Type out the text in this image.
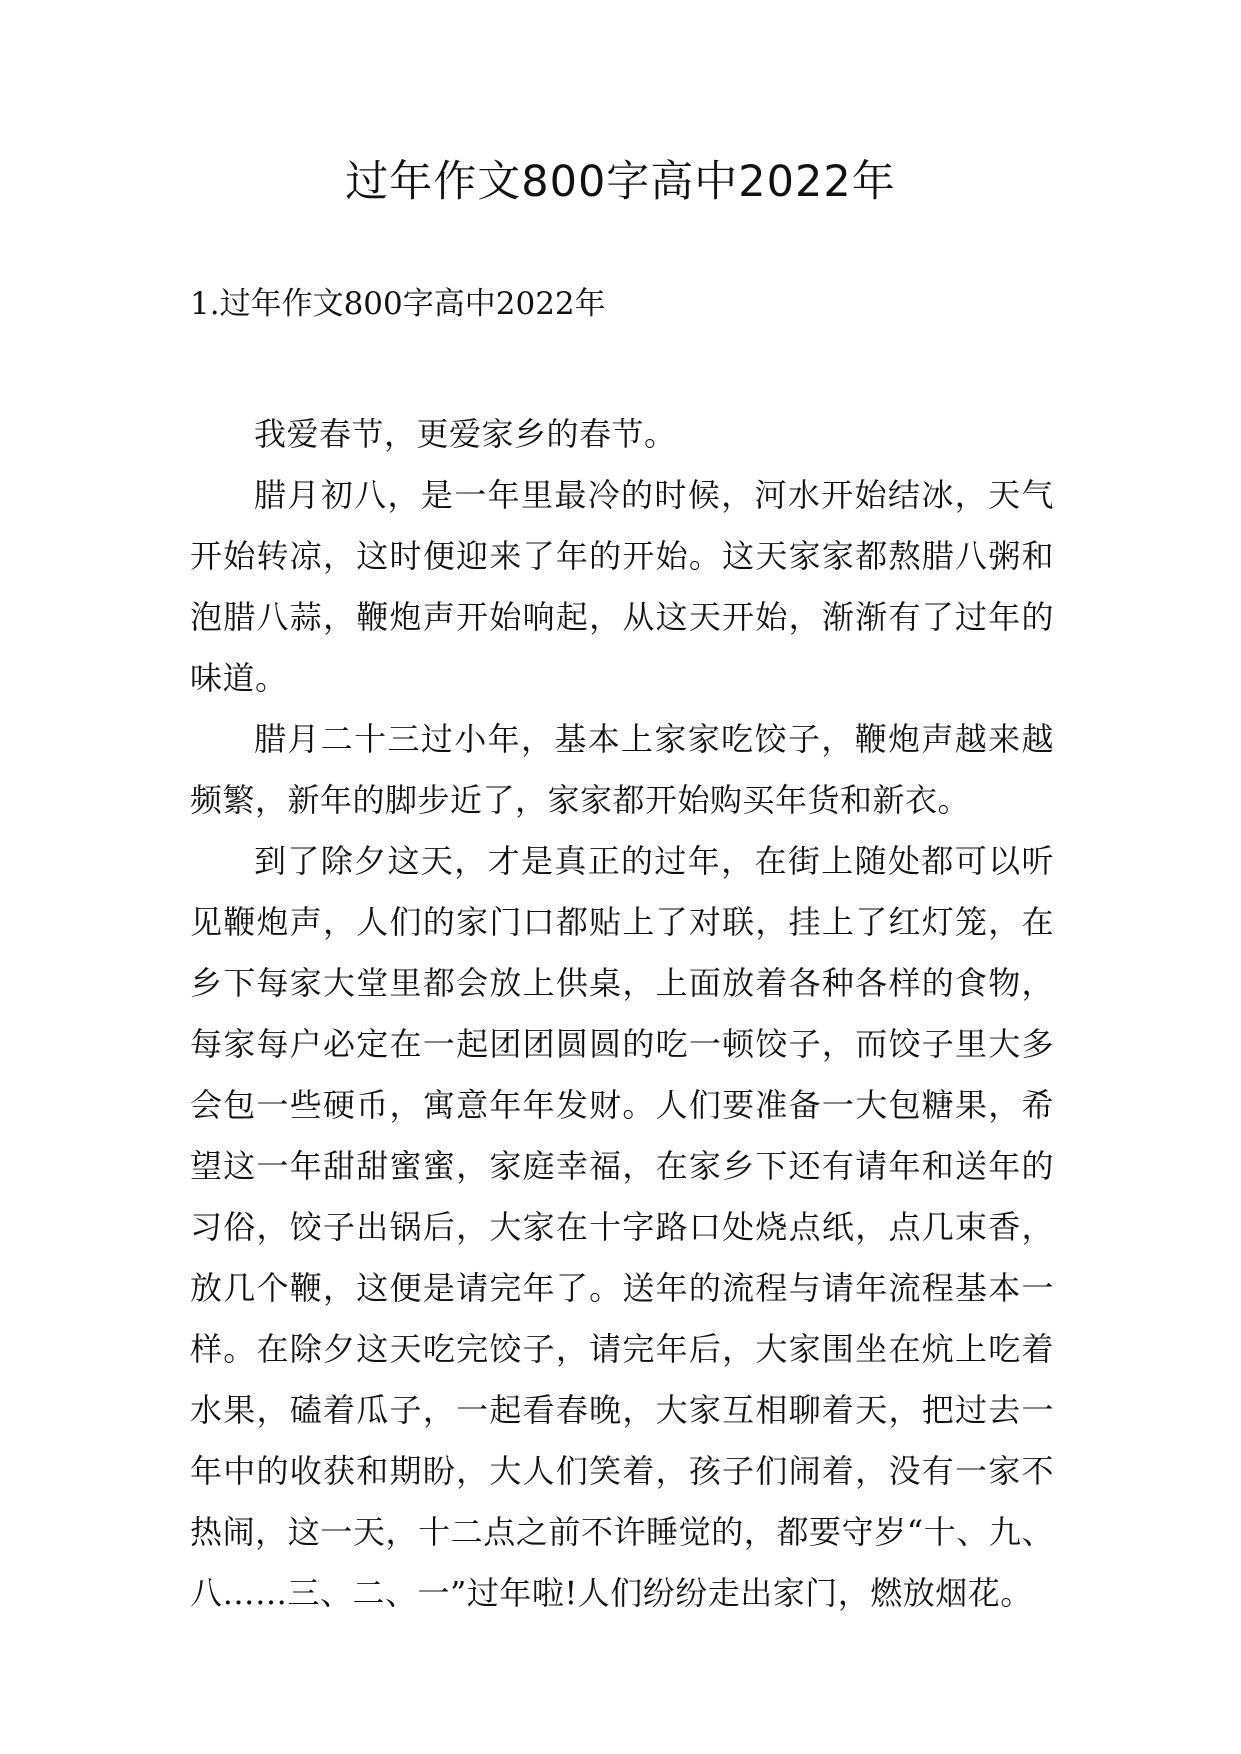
过年作文800字高中2022年
1.过年作文800字高中2022年

我爱春节，更爱家乡的春节。

腊月初八，是一年里最冷的时候，河水开始结冰，天气开始转凉，这时便迎来了年的开始。这天家家都熬腊八粥和泡腊八蒜，鞭炮声开始响起，从这天开始，渐渐有了过年的味道。

腊月二十三过小年，基本上家家吃饺子，鞭炮声越来越频繁，新年的脚步近了，家家都开始购买年货和新衣。

到了除夕这天，才是真正的过年，在街上随处都可以听见鞭炮声，人们的家门口都贴上了对联，挂上了红灯笼，在乡下每家大堂里都会放上供桌，上面放着各种各样的食物，每家每户必定在一起团团圆圆的吃一顿饺子，而饺子里大多会包一些硬币，寓意年年发财。人们要准备一大包糖果，希望这一年甜甜蜜蜜，家庭幸福，在家乡下还有请年和送年的习俗，饺子出锅后，大家在十字路口处烧点纸，点几束香，放几个鞭，这便是请完年了。送年的流程与请年流程基本一样。在除夕这天吃完饺子，请完年后，大家围坐在炕上吃着水果，磕着瓜子，一起看春晚，大家互相聊着天，把过去一年中的收获和期盼，大人们笑着，孩子们闹着，没有一家不热闹，这一天，十二点之前不许睡觉的，都要守岁“十、九、八……三、二、一”过年啦!人们纷纷走出家门，燃放烟花。
